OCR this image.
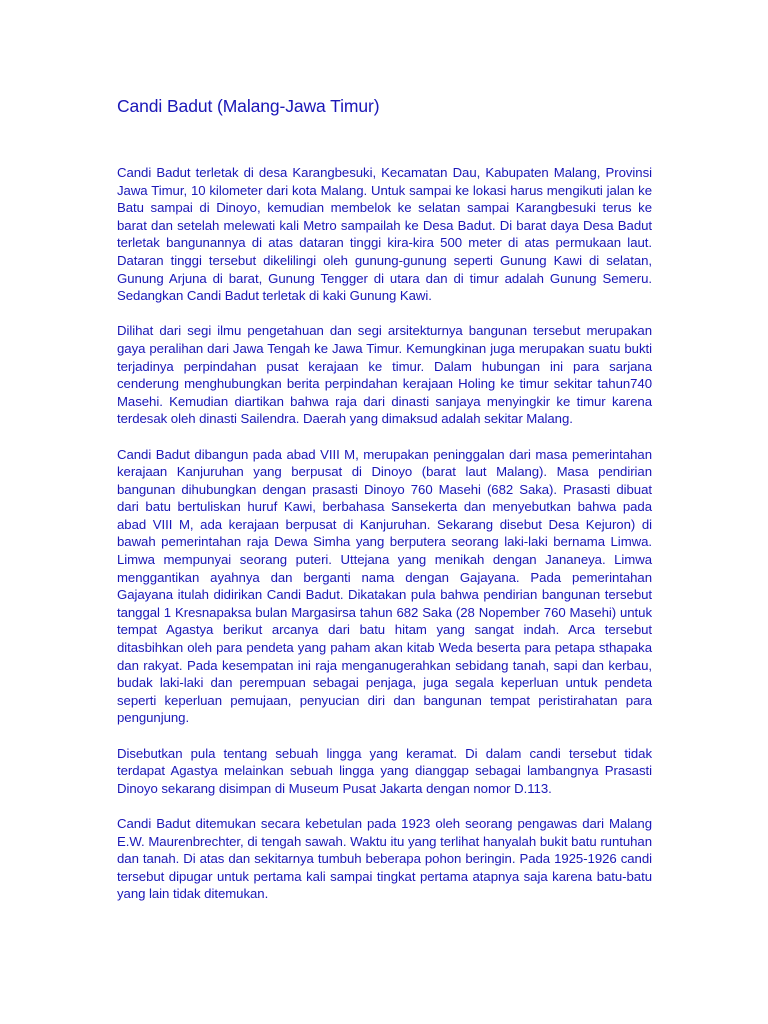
Candi Badut (Malang-Jawa Timur)

Candi Badut terletak di desa Karangbesuki, Kecamatan Dau, Kabupaten Malang, Provinsi Jawa Timur, 10 kilometer dari kota Malang. Untuk sampai ke lokasi harus mengikuti jalan ke Batu sampai di Dinoyo, kemudian membelok ke selatan sampai Karangbesuki terus ke barat dan setelah melewati kali Metro sampailah ke Desa Badut. Di barat daya Desa Badut terletak bangunannya di atas dataran tinggi kira-kira 500 meter di atas permukaan laut. Dataran tinggi tersebut dikelilingi oleh gunung-gunung seperti Gunung Kawi di selatan, Gunung Arjuna di barat, Gunung Tengger di utara dan di timur adalah Gunung Semeru. Sedangkan Candi Badut terletak di kaki Gunung Kawi.

Dilihat dari segi ilmu pengetahuan dan segi arsitekturnya bangunan tersebut merupakan gaya peralihan dari Jawa Tengah ke Jawa Timur. Kemungkinan juga merupakan suatu bukti terjadinya perpindahan pusat kerajaan ke timur. Dalam hubungan ini para sarjana cenderung menghubungkan berita perpindahan kerajaan Holing ke timur sekitar tahun740 Masehi. Kemudian diartikan bahwa raja dari dinasti sanjaya menyingkir ke timur karena terdesak oleh dinasti Sailendra. Daerah yang dimaksud adalah sekitar Malang.

Candi Badut dibangun pada abad VIII M, merupakan peninggalan dari masa pemerintahan kerajaan Kanjuruhan yang berpusat di Dinoyo (barat laut Malang). Masa pendirian bangunan dihubungkan dengan prasasti Dinoyo 760 Masehi (682 Saka). Prasasti dibuat dari batu bertuliskan huruf Kawi, berbahasa Sansekerta dan menyebutkan bahwa pada abad VIII M, ada kerajaan berpusat di Kanjuruhan. Sekarang disebut Desa Kejuron) di bawah pemerintahan raja Dewa Simha yang berputera seorang laki-laki bernama Limwa. Limwa mempunyai seorang puteri. Uttejana yang menikah dengan Jananeya. Limwa menggantikan ayahnya dan berganti nama dengan Gajayana. Pada pemerintahan Gajayana itulah didirikan Candi Badut. Dikatakan pula bahwa pendirian bangunan tersebut tanggal 1 Kresnapaksa bulan Margasirsa tahun 682 Saka (28 Nopember 760 Masehi) untuk tempat Agastya berikut arcanya dari batu hitam yang sangat indah. Arca tersebut ditasbihkan oleh para pendeta yang paham akan kitab Weda beserta para petapa sthapaka dan rakyat. Pada kesempatan ini raja menganugerahkan sebidang tanah, sapi dan kerbau, budak laki-laki dan perempuan sebagai penjaga, juga segala keperluan untuk pendeta seperti keperluan pemujaan, penyucian diri dan bangunan tempat peristirahatan para pengunjung.

Disebutkan pula tentang sebuah lingga yang keramat. Di dalam candi tersebut tidak terdapat Agastya melainkan sebuah lingga yang dianggap sebagai lambangnya Prasasti Dinoyo sekarang disimpan di Museum Pusat Jakarta dengan nomor D.113.

Candi Badut ditemukan secara kebetulan pada 1923 oleh seorang pengawas dari Malang E.W. Maurenbrechter, di tengah sawah. Waktu itu yang terlihat hanyalah bukit batu runtuhan dan tanah. Di atas dan sekitarnya tumbuh beberapa pohon beringin. Pada 1925-1926 candi tersebut dipugar untuk pertama kali sampai tingkat pertama atapnya saja karena batu-batu yang lain tidak ditemukan.
